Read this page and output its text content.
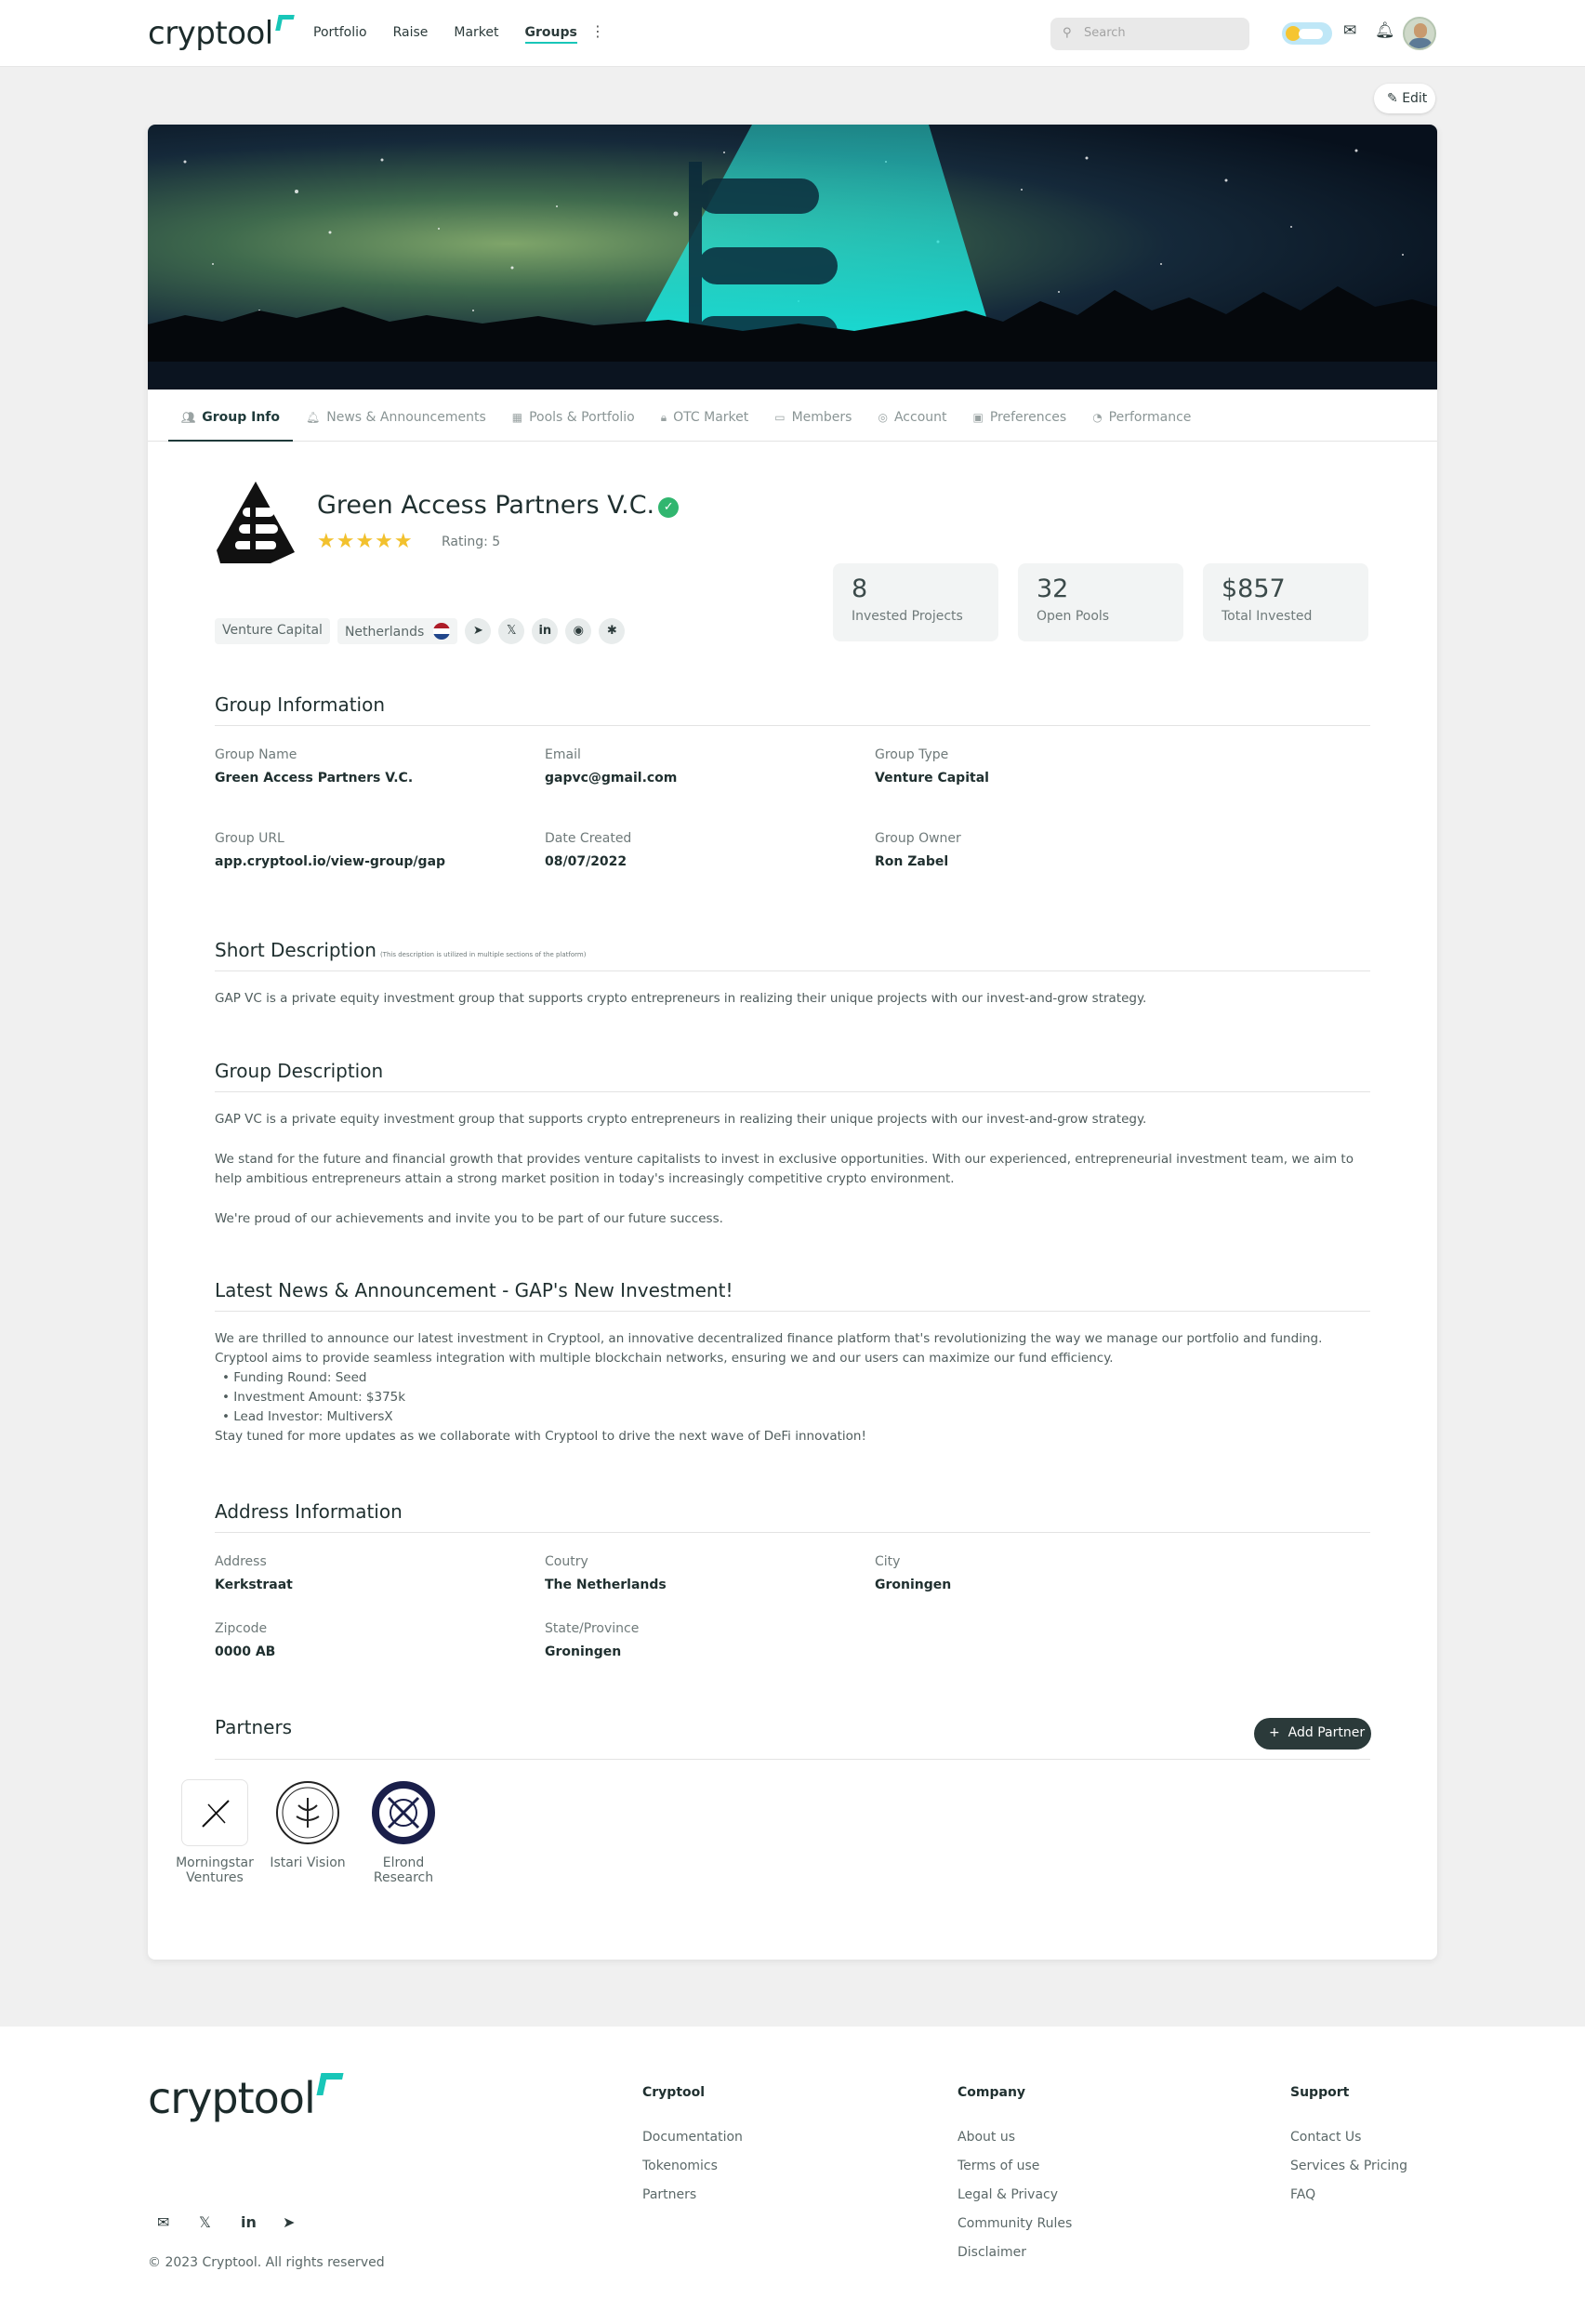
cryptool	Portfolio Raise Market Groups ⋮	⚲ Search	✉ 🔔︎
✎ Edit
👥︎ Group Info	🔔︎ News & Announcements	▦ Pools & Portfolio	🔒︎ OTC Market	▭ Members	◎ Account	▣ Preferences	◔ Performance
Green Access Partners V.C. ✓
★★★★★ Rating: 5
Venture Capital	Netherlands	➤	𝕏	in	◉	✱
8
Invested Projects
32
Open Pools
$857
Total Invested
Group Information
Group Name
Green Access Partners V.C.
Email
gapvc@gmail.com
Group Type
Venture Capital
Group URL
app.cryptool.io/view-group/gap
Date Created
08/07/2022
Group Owner
Ron Zabel
Short Description (This description is utilized in multiple sections of the platform)
GAP VC is a private equity investment group that supports crypto entrepreneurs in realizing their unique projects with our invest-and-grow strategy.
Group Description
GAP VC is a private equity investment group that supports crypto entrepreneurs in realizing their unique projects with our invest-and-grow strategy.
We stand for the future and financial growth that provides venture capitalists to invest in exclusive opportunities. With our experienced, entrepreneurial investment team, we aim to help ambitious entrepreneurs attain a strong market position in today's increasingly competitive crypto environment.
We're proud of our achievements and invite you to be part of our future success.
Latest News & Announcement - GAP's New Investment!
We are thrilled to announce our latest investment in Cryptool, an innovative decentralized finance platform that's revolutionizing the way we manage our portfolio and funding. Cryptool aims to provide seamless integration with multiple blockchain networks, ensuring we and our users can maximize our fund efficiency.
• Funding Round: Seed
• Investment Amount: $375k
• Lead Investor: MultiversX
Stay tuned for more updates as we collaborate with Cryptool to drive the next wave of DeFi innovation!
Address Information
Address
Kerkstraat
Coutry
The Netherlands
City
Groningen
Zipcode
0000 AB
State/Province
Groningen
Partners	+ Add Partner
Morningstar
Ventures
Istari Vision	Elrond
Research
cryptool	Cryptool
Documentation
Tokenomics
Partners
Company
About us
Terms of use
Legal & Privacy
Community Rules
Disclaimer
Support
Contact Us
Services & Pricing
FAQ
✉ 𝕏 in ➤
© 2023 Cryptool. All rights reserved
